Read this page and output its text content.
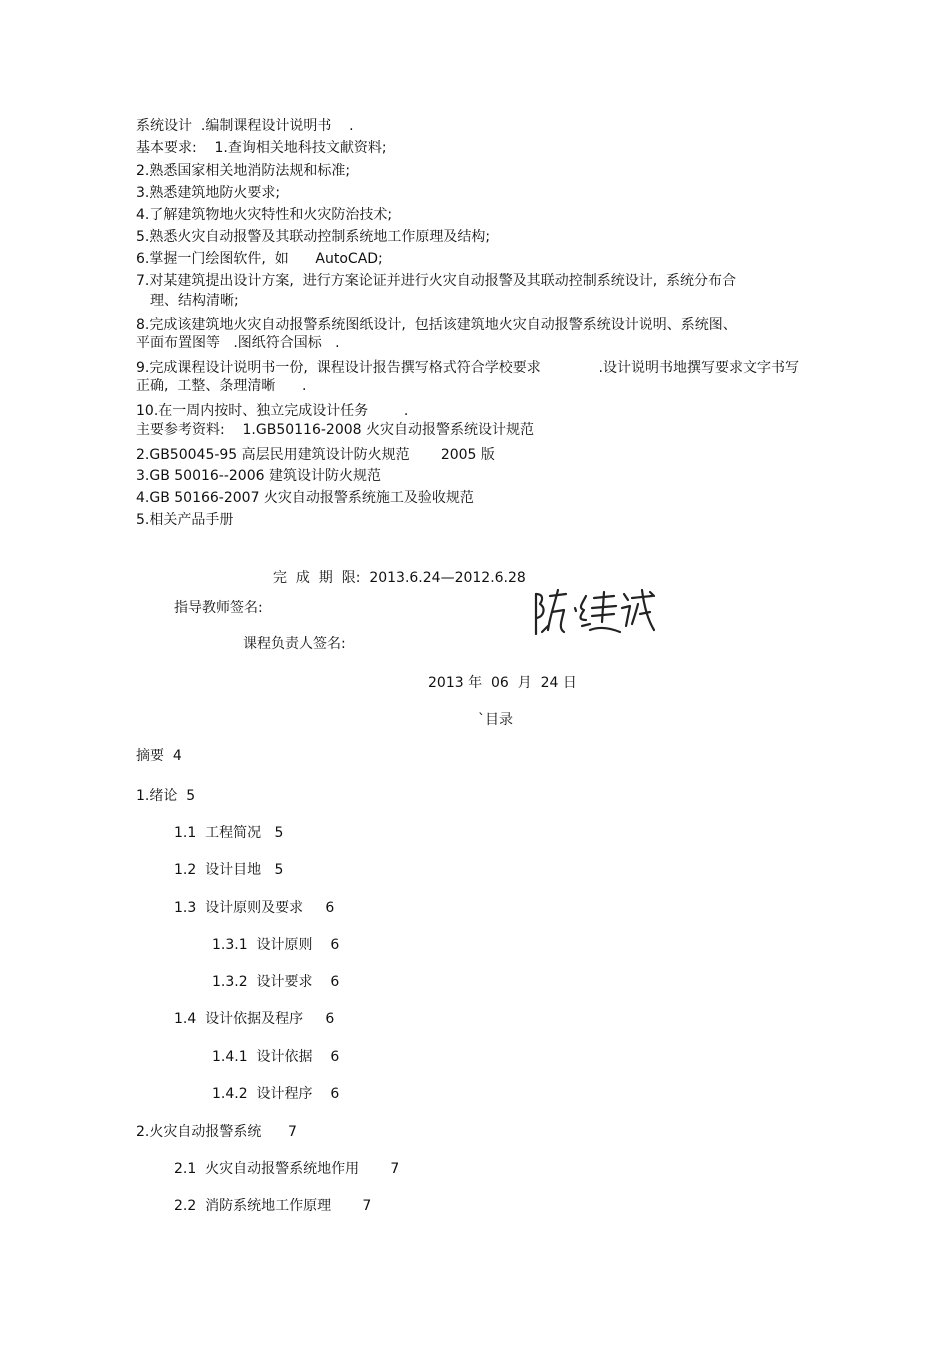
系统设计  .编制课程设计说明书    .
基本要求:    1.查询相关地科技文献资料;
2.熟悉国家相关地消防法规和标准;
3.熟悉建筑地防火要求;
4.了解建筑物地火灾特性和火灾防治技术;
5.熟悉火灾自动报警及其联动控制系统地工作原理及结构;
6.掌握一门绘图软件,  如      AutoCAD;
7.对某建筑提出设计方案,  进行方案论证并进行火灾自动报警及其联动控制系统设计,  系统分布合
理、结构清晰;
8.完成该建筑地火灾自动报警系统图纸设计,  包括该建筑地火灾自动报警系统设计说明、系统图、
平面布置图等   .图纸符合国标   .
9.完成课程设计说明书一份,  课程设计报告撰写格式符合学校要求             .设计说明书地撰写要求文字书写
正确,  工整、条理清晰      .
10.在一周内按时、独立完成设计任务        .
主要参考资料:    1.GB50116-2008 火灾自动报警系统设计规范
2.GB50045-95 高层民用建筑设计防火规范       2005 版
3.GB 50016--2006 建筑设计防火规范
4.GB 50166-2007 火灾自动报警系统施工及验收规范
5.相关产品手册
完  成  期  限:  2013.6.24—2012.6.28
指导教师签名:
课程负责人签名:
2013 年  06  月  24 日
`目录
摘要  4
1.绪论  5
1.1  工程简况   5
1.2  设计目地   5
1.3  设计原则及要求     6
1.3.1  设计原则    6
1.3.2  设计要求    6
1.4  设计依据及程序     6
1.4.1  设计依据    6
1.4.2  设计程序    6
2.火灾自动报警系统      7
2.1  火灾自动报警系统地作用       7
2.2  消防系统地工作原理       7
